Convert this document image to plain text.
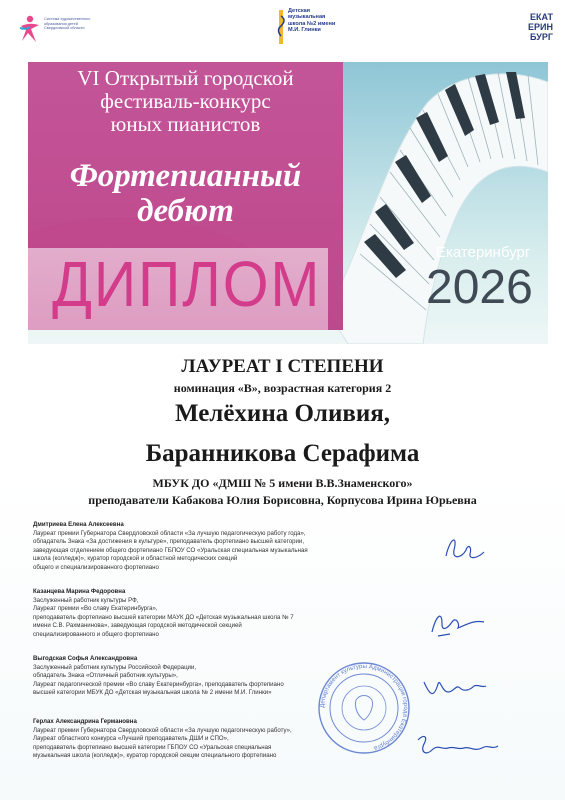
Система художественного образования детей Свердловской области
Детская музыкальная школа №2 имени М.И. Глинки
ЕКАТ
ЕРИН
БУРГ
VI Открытый городской
фестиваль-конкурс
юных пианистов
Фортепианный
дебют
ДИПЛОМ	Екатеринбург
2026
ЛАУРЕАТ I СТЕПЕНИ
номинация «В», возрастная категория 2
Мелёхина Оливия,
Баранникова Серафима
МБУК ДО «ДМШ № 5 имени В.В.Знаменского»
преподаватели Кабакова Юлия Борисовна, Корпусова Ирина Юрьевна
Дмитриева Елена Алексеевна
Лауреат премии Губернатора Свердловской области «За лучшую педагогическую работу года»,
обладатель Знака «За достижения в культуре», преподаватель фортепиано высшей категории,
заведующая отделением общего фортепиано ГБПОУ СО «Уральская специальная музыкальная
школа (колледж)», куратор городской и областной методических секций
общего и специализированного фортепиано
Казанцева Марина Федоровна
Заслуженный работник культуры РФ,
Лауреат премии «Во славу Екатеринбурга»,
преподаватель фортепиано высшей категории МАУК ДО «Детская музыкальная школа № 7
имени С.В. Рахманинова», заведующая городской методической секцией
специализированного и общего фортепиано
Выгодская Софья Александровна
Заслуженный работник культуры Российской Федерации,
обладатель Знака «Отличный работник культуры»,
Лауреат педагогической премии «Во славу Екатеринбурга», преподаватель фортепиано
высшей категории МБУК ДО «Детская музыкальная школа № 2 имени М.И. Глинки»
Герлах Александрина Германовна
Лауреат премии Губернатора Свердловской области «За лучшую педагогическую работу»,
Лауреат областного конкурса «Лучший преподаватель ДШИ и СПО»,
преподаватель фортепиано высшей категории ГБПОУ СО «Уральская специальная
музыкальная школа (колледж)», куратор городской секции специального фортепиано
Департамент культуры Администрации города Екатеринбурга
